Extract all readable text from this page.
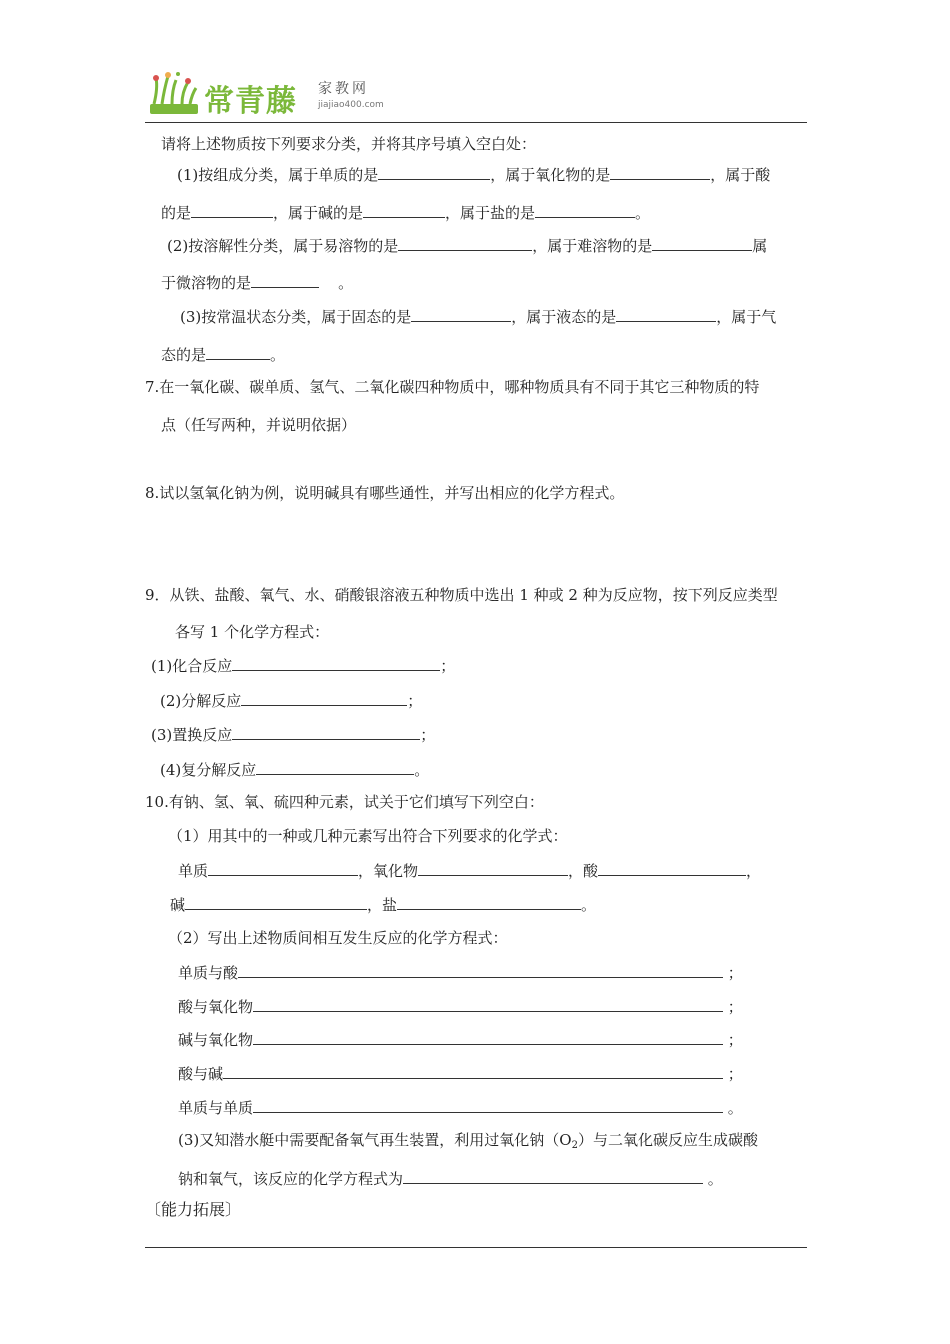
常青藤 家教网
jiajiao400.com
请将上述物质按下列要求分类，并将其序号填入空白处：
(1)按组成分类，属于单质的是	，属于氧化物的是	，属于酸
的是	，属于碱的是	，属于盐的是	。
(2)按溶解性分类，属于易溶物的是	，属于难溶物的是	属
于微溶物的是	。
(3)按常温状态分类，属于固态的是	，属于液态的是	，属于气
态的是	。
7.在一氧化碳、碳单质、氢气、二氧化碳四种物质中，哪种物质具有不同于其它三种物质的特
点（任写两种，并说明依据）
8.试以氢氧化钠为例，说明碱具有哪些通性，并写出相应的化学方程式。
9．从铁、盐酸、氧气、水、硝酸银溶液五种物质中选出 1 种或 2 种为反应物，按下列反应类型
各写 1 个化学方程式：
(1)化合反应	；
(2)分解反应	；
(3)置换反应	；
(4)复分解反应	。
10.有钠、氢、氧、硫四种元素，试关于它们填写下列空白：
（1）用其中的一种或几种元素写出符合下列要求的化学式：
单质	，氧化物	，酸	，
碱	，盐	。
（2）写出上述物质间相互发生反应的化学方程式：
单质与酸	；
酸与氧化物	；
碱与氧化物	；
酸与碱	；
单质与单质	。
(3)又知潜水艇中需要配备氧气再生装置，利用过氧化钠$(O_2)$与二氧化碳反应生成碳酸
钠和氧气，该反应的化学方程式为	。
〔能力拓展〕
